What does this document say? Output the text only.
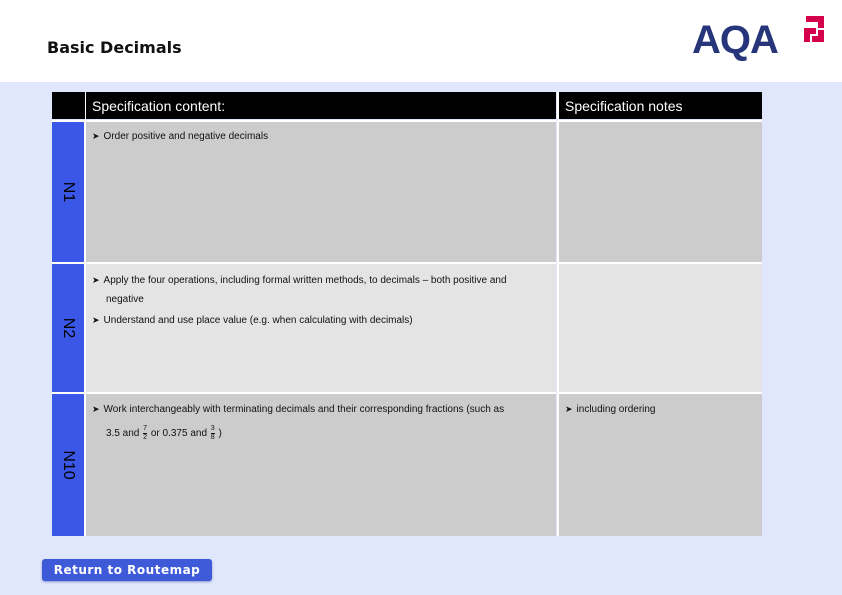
Basic Decimals	AQA
Specification content:	Specification notes
N1
➤ Order positive and negative decimals
N2
➤ Apply the four operations, including formal written methods, to decimals – both positive and
negative
➤ Understand and use place value (e.g. when calculating with decimals)
N10
➤ Work interchangeably with terminating decimals and their corresponding fractions (such as
3.5 and $\frac{7}{2}$ or 0.375 and $\frac{3}{8}$ )
➤ including ordering
Return to Routemap
